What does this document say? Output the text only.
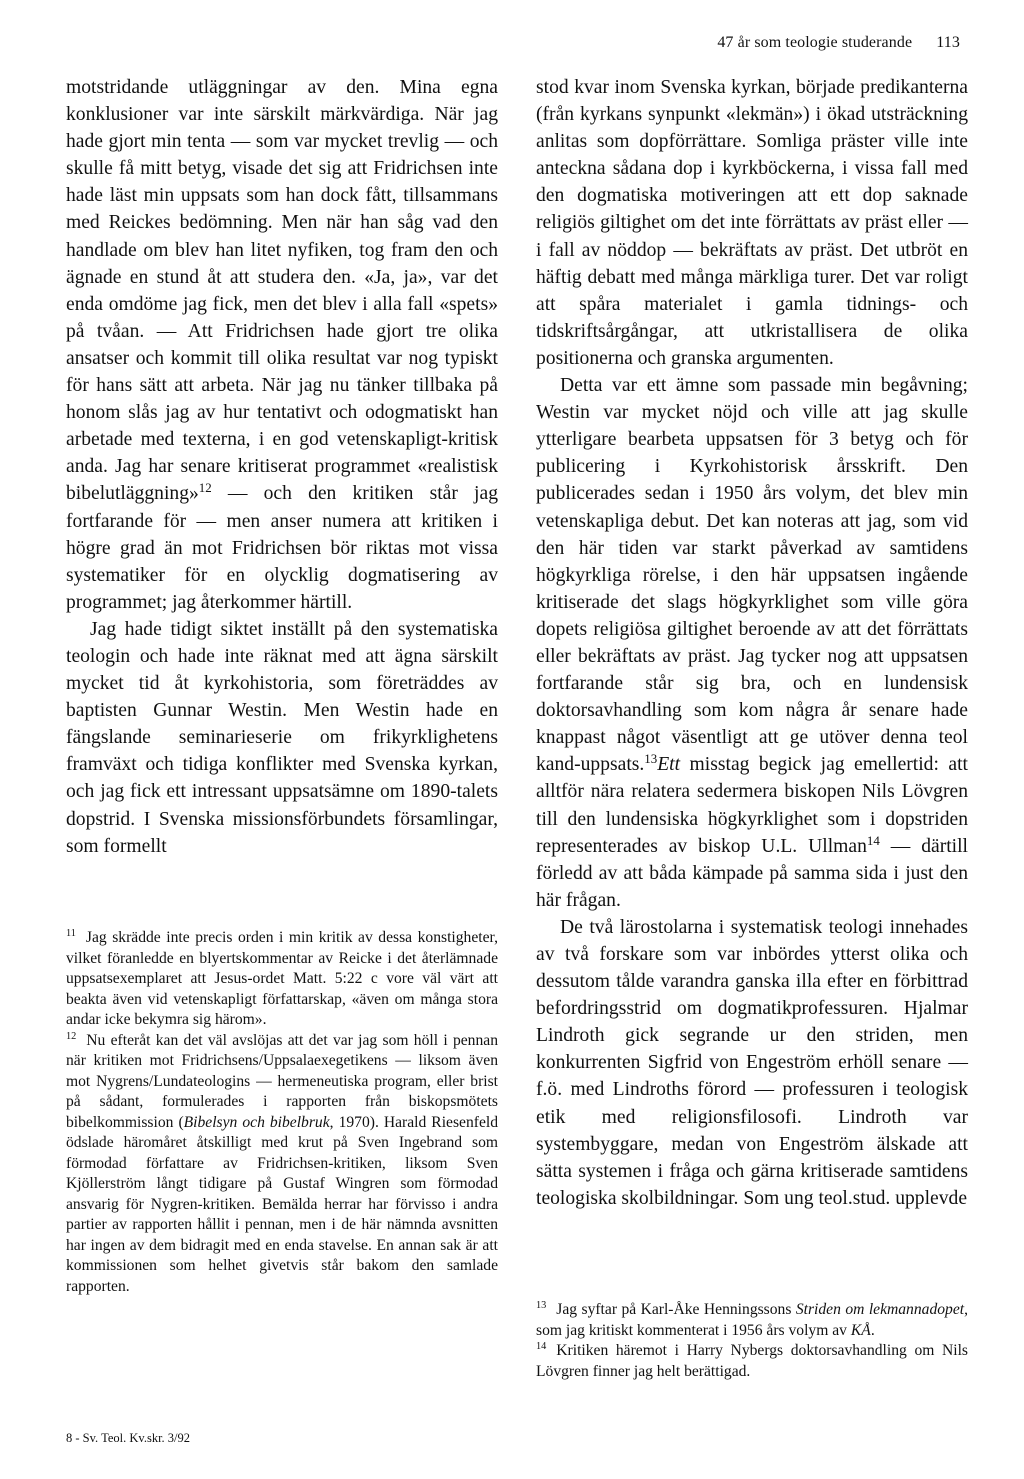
47 år som teologie studerande 113

motstridande utläggningar av den. Mina egna konklusioner var inte särskilt märkvärdiga. När jag hade gjort min tenta — som var mycket trevlig — och skulle få mitt betyg, visade det sig att Fridrichsen inte hade läst min uppsats som han dock fått, tillsammans med Reickes bedömning. Men när han såg vad den handlade om blev han litet nyfiken, tog fram den och ägnade en stund åt att studera den. «Ja, ja», var det enda omdöme jag fick, men det blev i alla fall «spets» på tvåan. — Att Fridrichsen hade gjort tre olika ansatser och kommit till olika resultat var nog typiskt för hans sätt att arbeta. När jag nu tänker tillbaka på honom slås jag av hur tentativt och odogmatiskt han arbetade med texterna, i en god vetenskapligt-kritisk anda. Jag har senare kritiserat programmet «realistisk bibelutläggning»$^{12}$ — och den kritiken står jag fortfarande för — men anser numera att kritiken i högre grad än mot Fridrichsen bör riktas mot vissa systematiker för en olycklig dogmatisering av programmet; jag återkommer härtill.

Jag hade tidigt siktet inställt på den systematiska teologin och hade inte räknat med att ägna särskilt mycket tid åt kyrkohistoria, som företräddes av baptisten Gunnar Westin. Men Westin hade en fängslande seminarieserie om frikyrklighetens framväxt och tidiga konflikter med Svenska kyrkan, och jag fick ett intressant uppsatsämne om 1890-talets dopstrid. I Svenska missionsförbundets församlingar, som formellt

$^{11}$ Jag skrädde inte precis orden i min kritik av dessa konstigheter, vilket föranledde en blyertskommentar av Reicke i det återlämnade uppsatsexemplaret att Jesus-ordet Matt. 5:22 c vore väl värt att beakta även vid vetenskapligt författarskap, «även om många stora andar icke bekymra sig härom».

$^{12}$ Nu efteråt kan det väl avslöjas att det var jag som höll i pennan när kritiken mot Fridrichsens/Uppsalaexegetikens — liksom även mot Nygrens/Lundateologins — hermeneutiska program, eller brist på sådant, formulerades i rapporten från biskopsmötets bibelkommission (Bibelsyn och bibelbruk, 1970). Harald Riesenfeld ödslade häromåret åtskilligt med krut på Sven Ingebrand som förmodad författare av Fridrichsen-kritiken, liksom Sven Kjöllerström långt tidigare på Gustaf Wingren som förmodad ansvarig för Nygren-kritiken. Bemälda herrar har förvisso i andra partier av rapporten hållit i pennan, men i de här nämnda avsnitten har ingen av dem bidragit med en enda stavelse. En annan sak är att kommissionen som helhet givetvis står bakom den samlade rapporten.

stod kvar inom Svenska kyrkan, började predikanterna (från kyrkans synpunkt «lekmän») i ökad utsträckning anlitas som dopförrättare. Somliga präster ville inte anteckna sådana dop i kyrkböckerna, i vissa fall med den dogmatiska motiveringen att ett dop saknade religiös giltighet om det inte förrättats av präst eller — i fall av nöddop — bekräftats av präst. Det utbröt en häftig debatt med många märkliga turer. Det var roligt att spåra materialet i gamla tidnings- och tidskriftsårgångar, att utkristallisera de olika positionerna och granska argumenten.

Detta var ett ämne som passade min begåvning; Westin var mycket nöjd och ville att jag skulle ytterligare bearbeta uppsatsen för 3 betyg och för publicering i Kyrkohistorisk årsskrift. Den publicerades sedan i 1950 års volym, det blev min vetenskapliga debut. Det kan noteras att jag, som vid den här tiden var starkt påverkad av samtidens högkyrkliga rörelse, i den här uppsatsen ingående kritiserade det slags högkyrklighet som ville göra dopets religiösa giltighet beroende av att det förrättats eller bekräftats av präst. Jag tycker nog att uppsatsen fortfarande står sig bra, och en lundensisk doktorsavhandling som kom några år senare hade knappast något väsentligt att ge utöver denna teol kand-uppsats.$^{13}$Ett misstag begick jag emellertid: att alltför nära relatera sedermera biskopen Nils Lövgren till den lundensiska högkyrklighet som i dopstriden representerades av biskop U.L. Ullman$^{14}$ — därtill förledd av att båda kämpade på samma sida i just den här frågan.

De två lärostolarna i systematisk teologi innehades av två forskare som var inbördes ytterst olika och dessutom tålde varandra ganska illa efter en förbittrad befordringsstrid om dogmatikprofessuren. Hjalmar Lindroth gick segrande ur den striden, men konkurrenten Sigfrid von Engeström erhöll senare — f.ö. med Lindroths förord — professuren i teologisk etik med religionsfilosofi. Lindroth var systembyggare, medan von Engeström älskade att sätta systemen i fråga och gärna kritiserade samtidens teologiska skolbildningar. Som ung teol.stud. upplevde

$^{13}$ Jag syftar på Karl-Åke Henningssons Striden om lekmannadopet, som jag kritiskt kommenterat i 1956 års volym av KÅ.

$^{14}$ Kritiken häremot i Harry Nybergs doktorsavhandling om Nils Lövgren finner jag helt berättigad.

8 - Sv. Teol. Kv.skr. 3/92
